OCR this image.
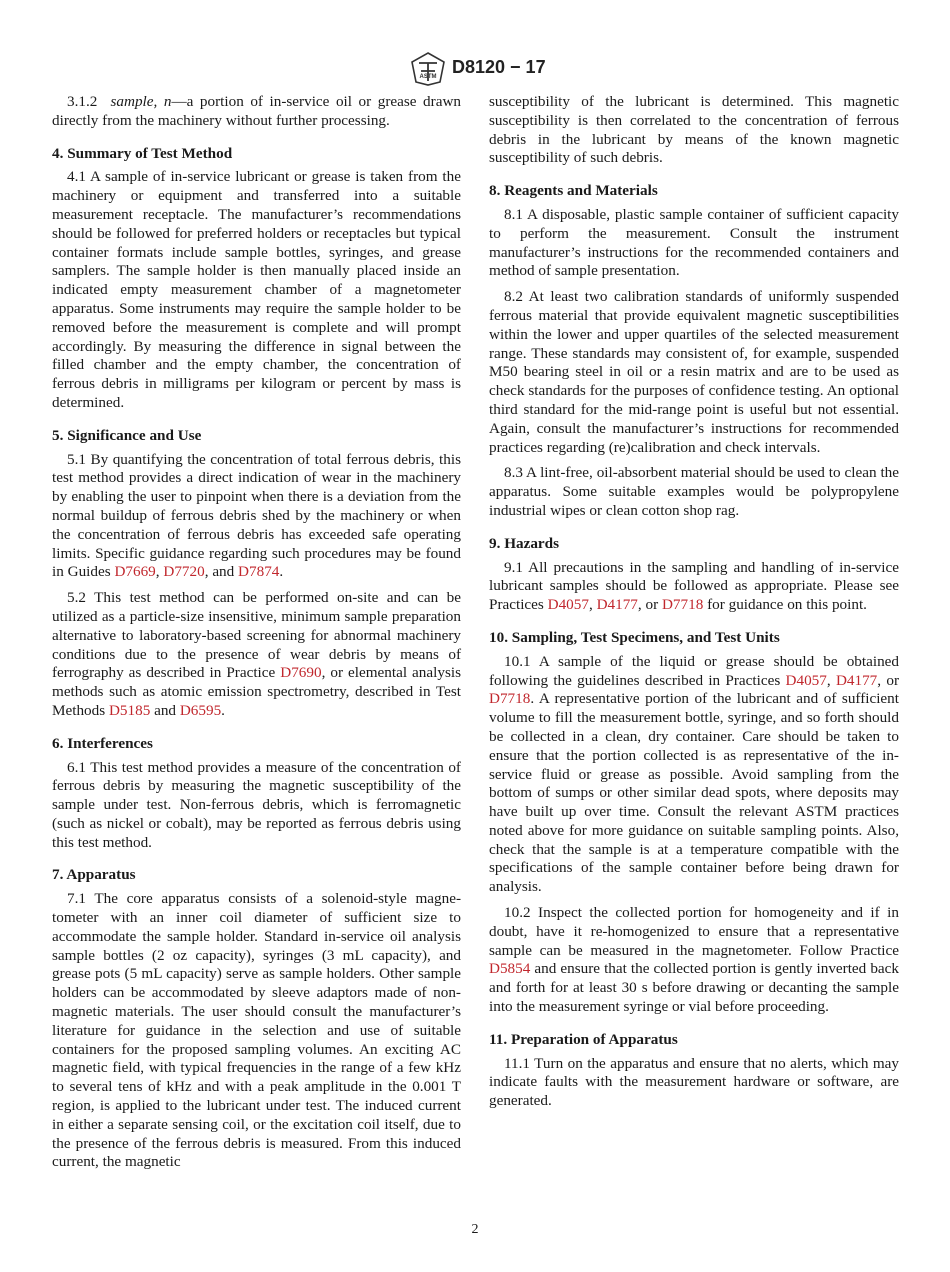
ASTM D8120 − 17

3.1.2 sample, n—a portion of in-service oil or grease drawn directly from the machinery without further processing.

4. Summary of Test Method

4.1 A sample of in-service lubricant or grease is taken from the machinery or equipment and transferred into a suitable measurement receptacle. The manufacturer’s recommendations should be followed for preferred holders or receptacles but typical container formats include sample bottles, syringes, and grease samplers. The sample holder is then manually placed inside an indicated empty measurement chamber of a magnetometer apparatus. Some instruments may require the sample holder to be removed before the measurement is complete and will prompt accordingly. By measuring the difference in signal between the filled chamber and the empty chamber, the concentration of ferrous debris in milligrams per kilogram or percent by mass is determined.

5. Significance and Use

5.1 By quantifying the concentration of total ferrous debris, this test method provides a direct indication of wear in the machinery by enabling the user to pinpoint when there is a deviation from the normal buildup of ferrous debris shed by the machinery or when the concentration of ferrous debris has exceeded safe operating limits. Specific guidance regarding such procedures may be found in Guides D7669, D7720, and D7874.

5.2 This test method can be performed on-site and can be utilized as a particle-size insensitive, minimum sample preparation alternative to laboratory-based screening for abnormal machinery conditions due to the presence of wear debris by means of ferrography as described in Practice D7690, or elemental analysis methods such as atomic emission spectrometry, described in Test Methods D5185 and D6595.

6. Interferences

6.1 This test method provides a measure of the concentration of ferrous debris by measuring the magnetic susceptibility of the sample under test. Non-ferrous debris, which is ferromagnetic (such as nickel or cobalt), may be reported as ferrous debris using this test method.

7. Apparatus

7.1 The core apparatus consists of a solenoid-style magnetometer with an inner coil diameter of sufficient size to accommodate the sample holder. Standard in-service oil analysis sample bottles (2 oz capacity), syringes (3 mL capacity), and grease pots (5 mL capacity) serve as sample holders. Other sample holders can be accommodated by sleeve adaptors made of non-magnetic materials. The user should consult the manufacturer’s literature for guidance in the selection and use of suitable containers for the proposed sampling volumes. An exciting AC magnetic field, with typical frequencies in the range of a few kHz to several tens of kHz and with a peak amplitude in the 0.001 T region, is applied to the lubricant under test. The induced current in either a separate sensing coil, or the excitation coil itself, due to the presence of the ferrous debris is measured. From this induced current, the magnetic

susceptibility of the lubricant is determined. This magnetic susceptibility is then correlated to the concentration of ferrous debris in the lubricant by means of the known magnetic susceptibility of such debris.

8. Reagents and Materials

8.1 A disposable, plastic sample container of sufficient capacity to perform the measurement. Consult the instrument manufacturer’s instructions for the recommended containers and method of sample presentation.

8.2 At least two calibration standards of uniformly suspended ferrous material that provide equivalent magnetic susceptibilities within the lower and upper quartiles of the selected measurement range. These standards may consistent of, for example, suspended M50 bearing steel in oil or a resin matrix and are to be used as check standards for the purposes of confidence testing. An optional third standard for the mid-range point is useful but not essential. Again, consult the manufacturer’s instructions for recommended practices regarding (re)calibration and check intervals.

8.3 A lint-free, oil-absorbent material should be used to clean the apparatus. Some suitable examples would be polypropylene industrial wipes or clean cotton shop rag.

9. Hazards

9.1 All precautions in the sampling and handling of in-service lubricant samples should be followed as appropriate. Please see Practices D4057, D4177, or D7718 for guidance on this point.

10. Sampling, Test Specimens, and Test Units

10.1 A sample of the liquid or grease should be obtained following the guidelines described in Practices D4057, D4177, or D7718. A representative portion of the lubricant and of sufficient volume to fill the measurement bottle, syringe, and so forth should be collected in a clean, dry container. Care should be taken to ensure that the portion collected is as representative of the in-service fluid or grease as possible. Avoid sampling from the bottom of sumps or other similar dead spots, where deposits may have built up over time. Consult the relevant ASTM practices noted above for more guidance on suitable sampling points. Also, check that the sample is at a temperature compatible with the specifications of the sample container before being drawn for analysis.

10.2 Inspect the collected portion for homogeneity and if in doubt, have it re-homogenized to ensure that a representative sample can be measured in the magnetometer. Follow Practice D5854 and ensure that the collected portion is gently inverted back and forth for at least 30 s before drawing or decanting the sample into the measurement syringe or vial before proceeding.

11. Preparation of Apparatus

11.1 Turn on the apparatus and ensure that no alerts, which may indicate faults with the measurement hardware or software, are generated.

2
